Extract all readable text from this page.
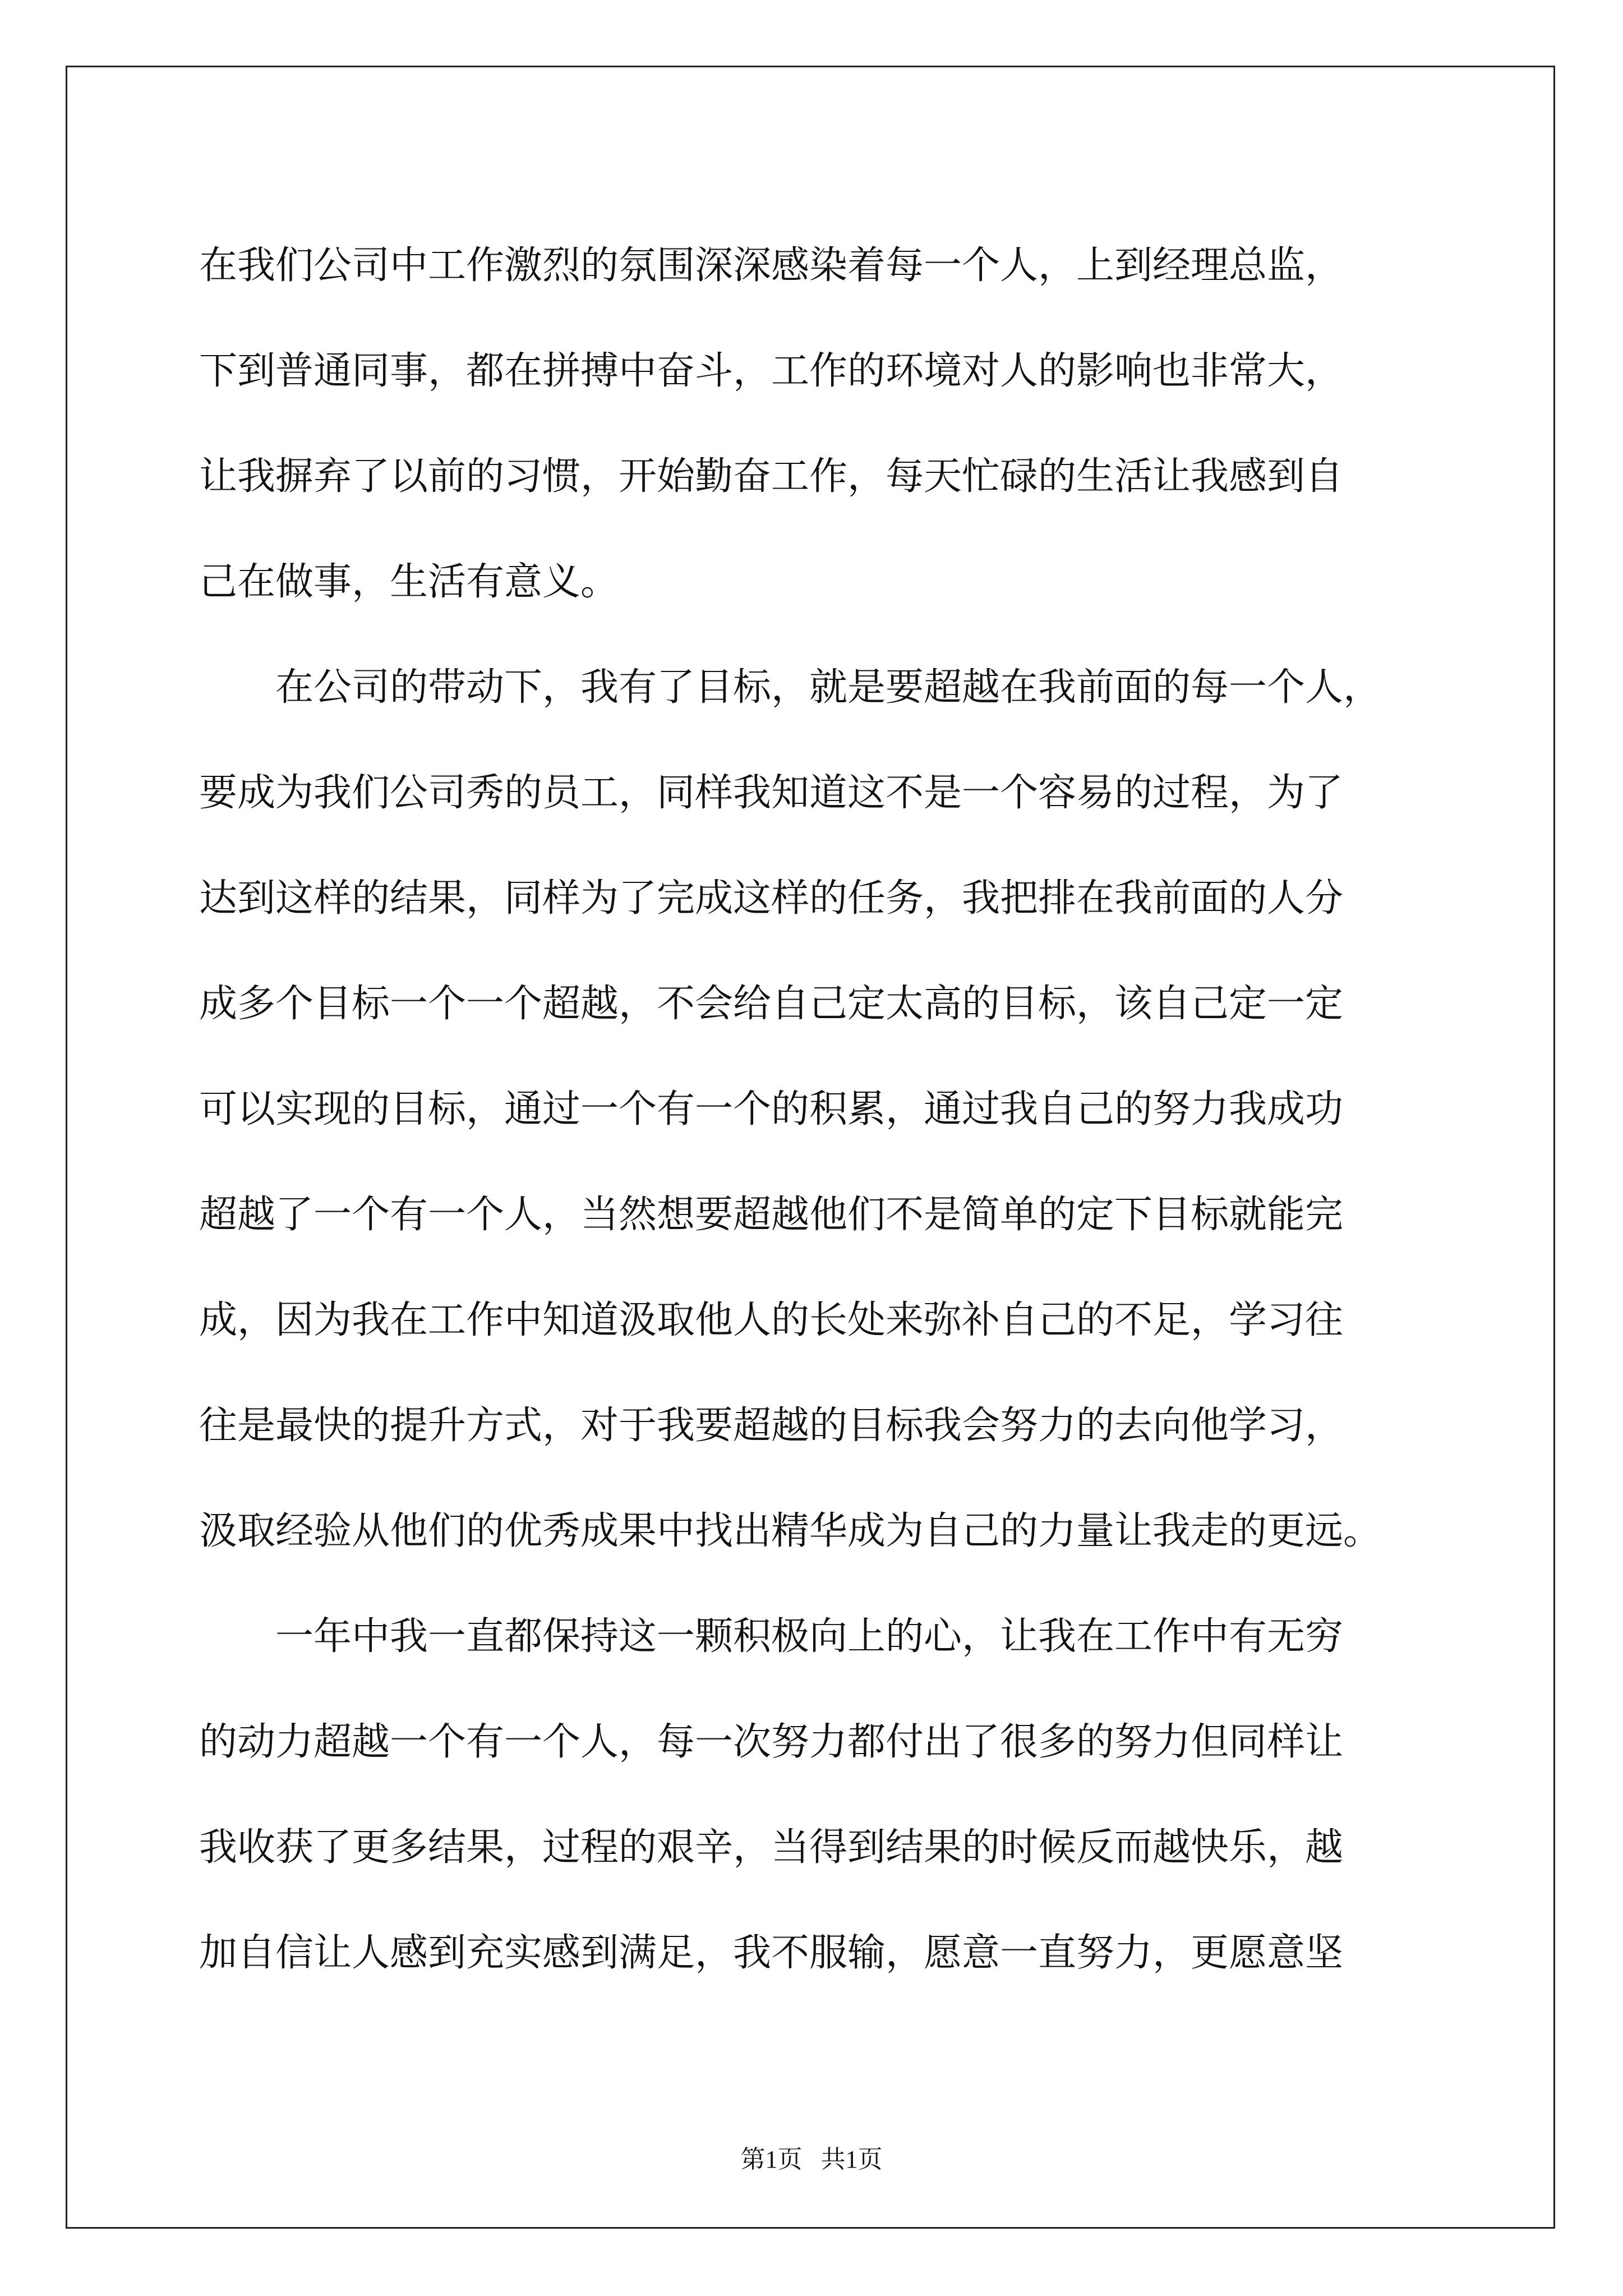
在我们公司中工作激烈的氛围深深感染着每一个人，上到经理总监，
下到普通同事，都在拼搏中奋斗，工作的环境对人的影响也非常大，
让我摒弃了以前的习惯，开始勤奋工作，每天忙碌的生活让我感到自
己在做事，生活有意义。
　　在公司的带动下，我有了目标，就是要超越在我前面的每一个人，
要成为我们公司秀的员工，同样我知道这不是一个容易的过程，为了
达到这样的结果，同样为了完成这样的任务，我把排在我前面的人分
成多个目标一个一个超越，不会给自己定太高的目标，该自己定一定
可以实现的目标，通过一个有一个的积累，通过我自己的努力我成功
超越了一个有一个人，当然想要超越他们不是简单的定下目标就能完
成，因为我在工作中知道汲取他人的长处来弥补自己的不足，学习往
往是最快的提升方式，对于我要超越的目标我会努力的去向他学习，
汲取经验从他们的优秀成果中找出精华成为自己的力量让我走的更远。
　　一年中我一直都保持这一颗积极向上的心，让我在工作中有无穷
的动力超越一个有一个人，每一次努力都付出了很多的努力但同样让
我收获了更多结果，过程的艰辛，当得到结果的时候反而越快乐，越
加自信让人感到充实感到满足，我不服输，愿意一直努力，更愿意坚
第1页   共1页
